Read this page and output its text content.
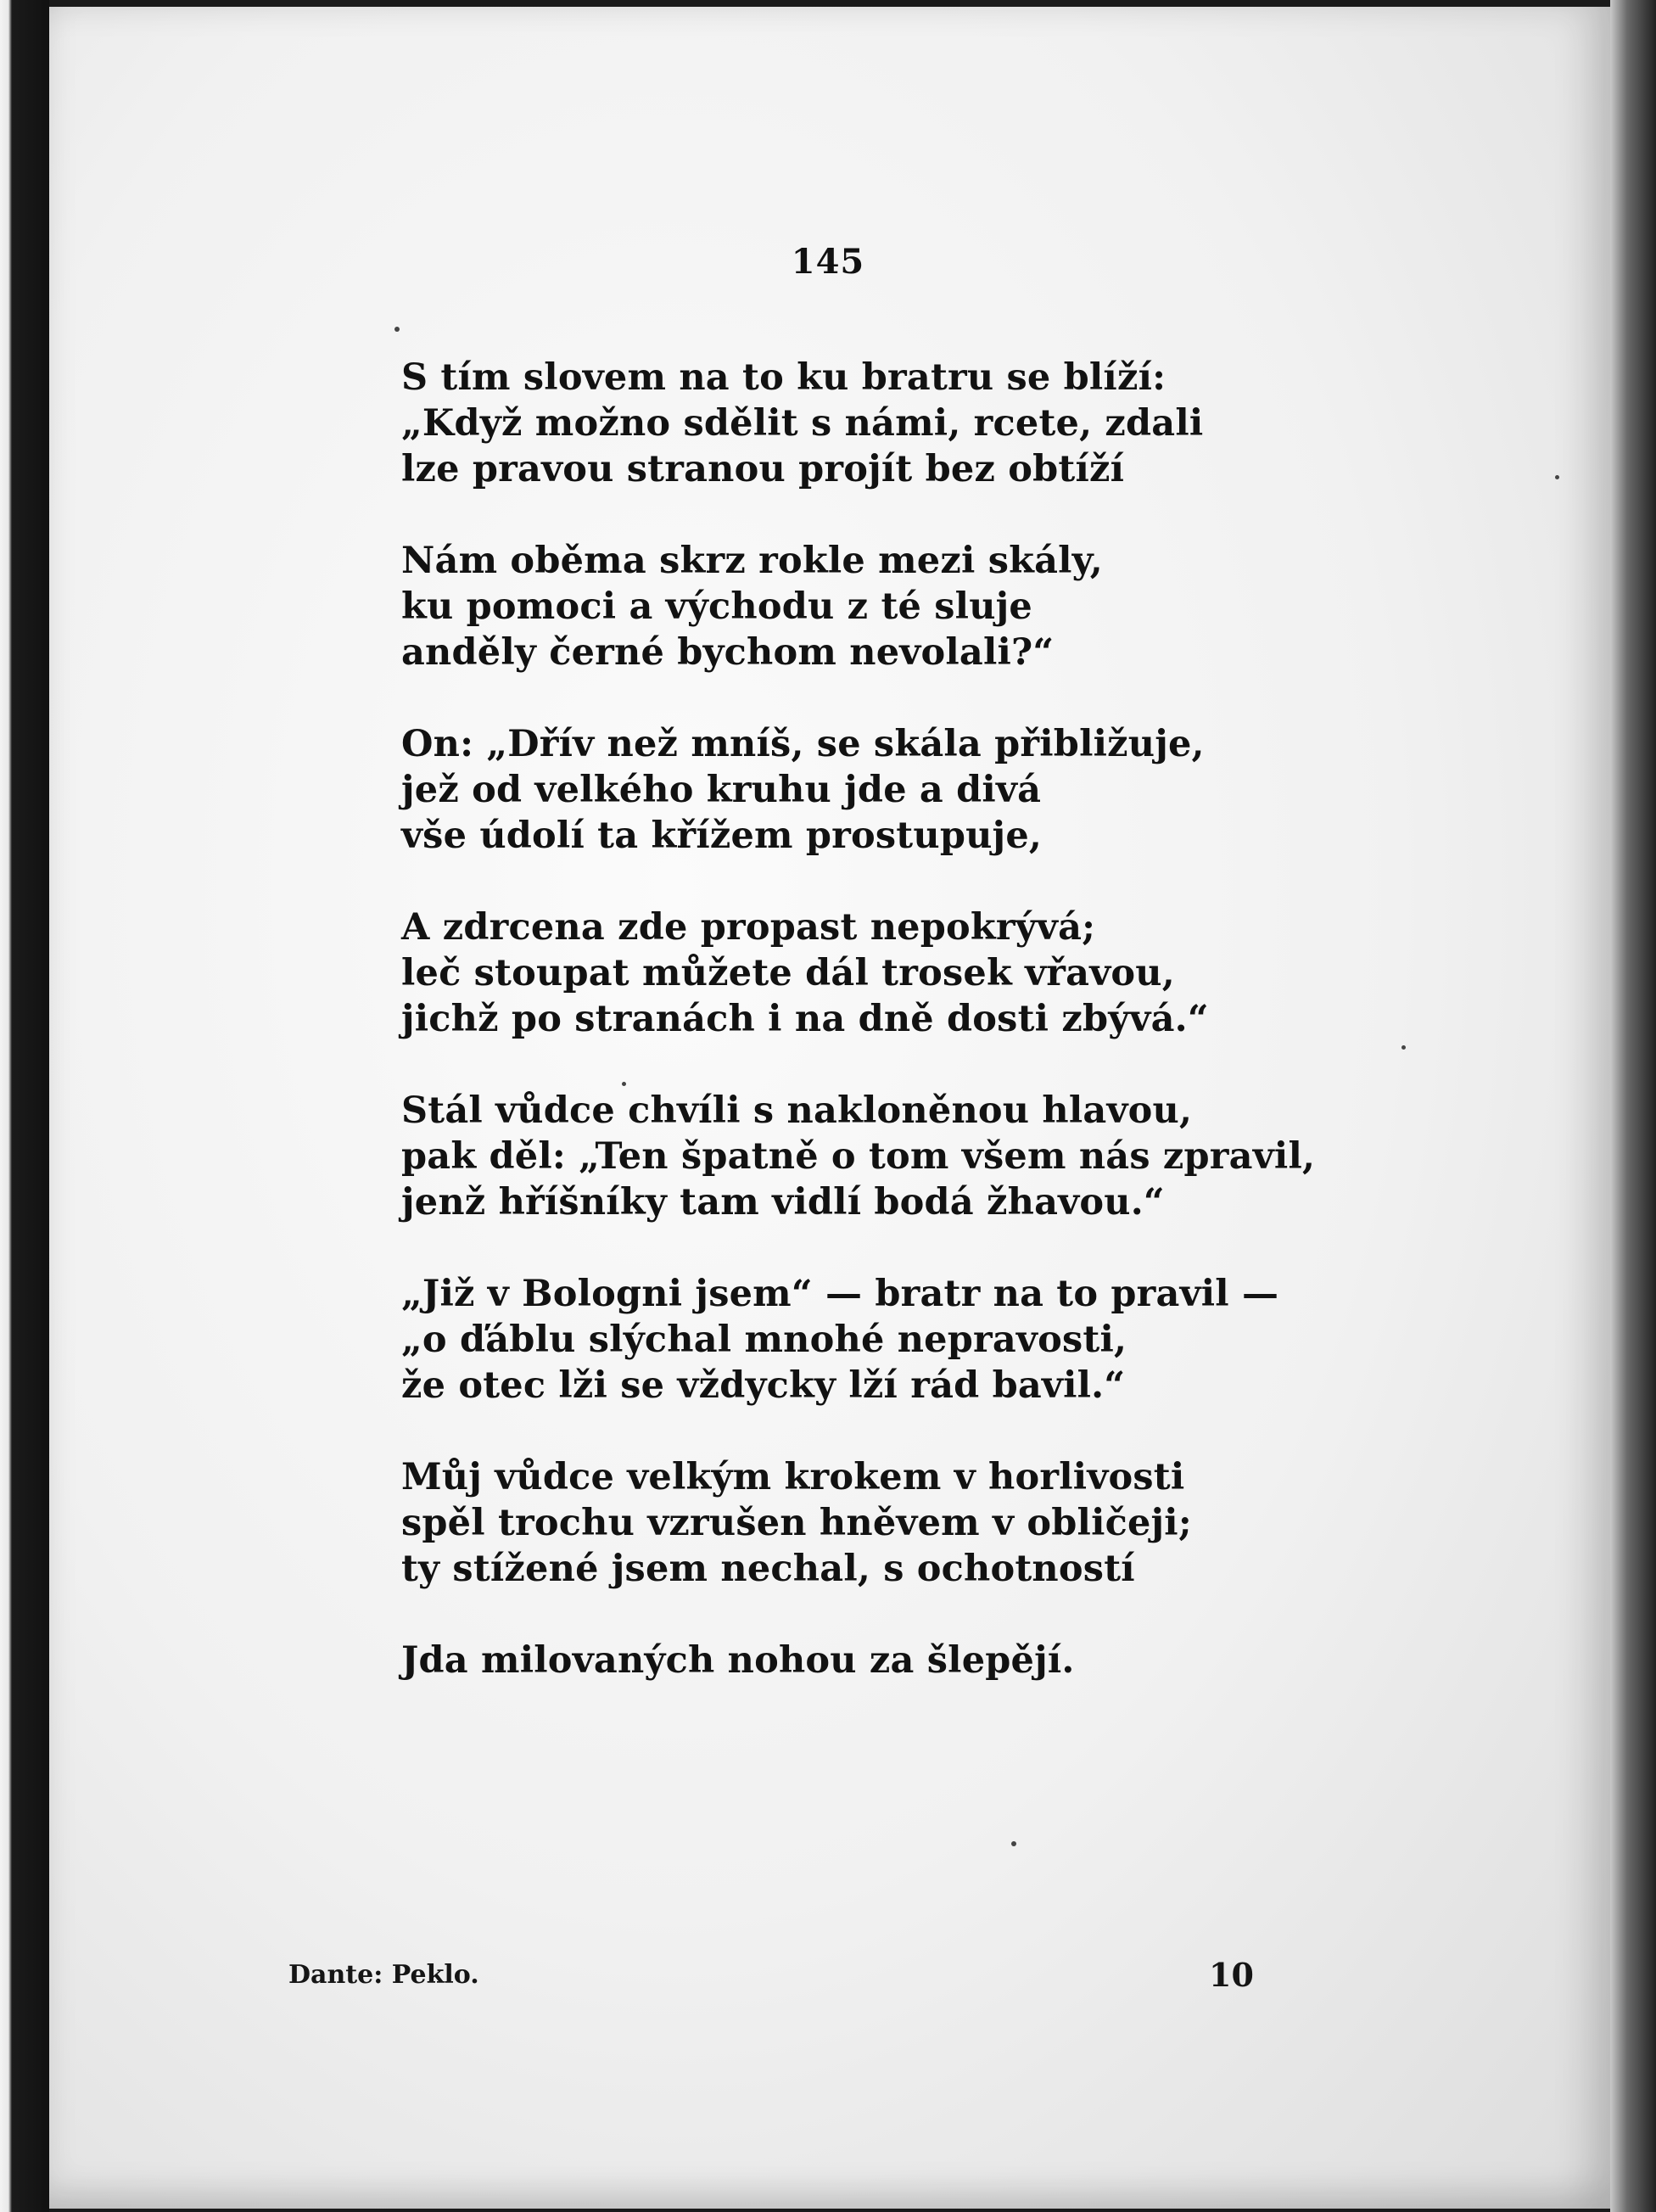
145
S tím slovem na to ku bratru se blíží:
„Když možno sdělit s námi, rcete, zdali
lze pravou stranou projít bez obtíží
Nám oběma skrz rokle mezi skály,
ku pomoci a východu z té sluje
anděly černé bychom nevolali?“
On: „Dřív než mníš, se skála přibližuje,
jež od velkého kruhu jde a divá
vše údolí ta křížem prostupuje,
A zdrcena zde propast nepokrývá;
leč stoupat můžete dál trosek vřavou,
jichž po stranách i na dně dosti zbývá.“
Stál vůdce chvíli s nakloněnou hlavou,
pak děl: „Ten špatně o tom všem nás zpravil,
jenž hříšníky tam vidlí bodá žhavou.“
„Již v Bologni jsem“ — bratr na to pravil —
„o ďáblu slýchal mnohé nepravosti,
že otec lži se vždycky lží rád bavil.“
Můj vůdce velkým krokem v horlivosti
spěl trochu vzrušen hněvem v obličeji;
ty stížené jsem nechal, s ochotností
Jda milovaných nohou za šlepějí.
Dante: Peklo.	10
